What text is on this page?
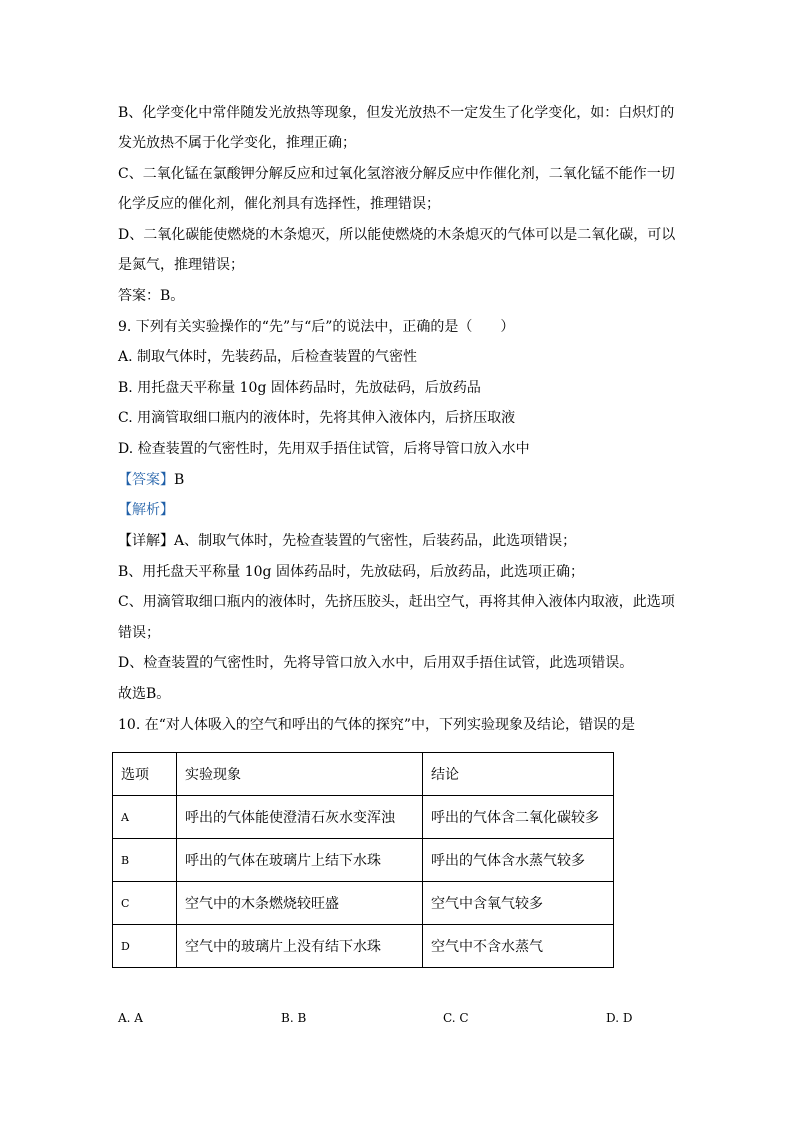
B、化学变化中常伴随发光放热等现象，但发光放热不一定发生了化学变化，如：白炽灯的
发光放热不属于化学变化，推理正确；
C、二氧化锰在氯酸钾分解反应和过氧化氢溶液分解反应中作催化剂，二氧化锰不能作一切
化学反应的催化剂，催化剂具有选择性，推理错误；
D、二氧化碳能使燃烧的木条熄灭，所以能使燃烧的木条熄灭的气体可以是二氧化碳，可以
是氮气，推理错误；
答案：B。
9. 下列有关实验操作的“先”与“后”的说法中，正确的是（　　）
A. 制取气体时，先装药品，后检查装置的气密性
B. 用托盘天平称量 10g 固体药品时，先放砝码，后放药品
C. 用滴管取细口瓶内的液体时，先将其伸入液体内，后挤压取液
D. 检查装置的气密性时，先用双手捂住试管，后将导管口放入水中
【答案】B
【解析】
【详解】A、制取气体时，先检查装置的气密性，后装药品，此选项错误；
B、用托盘天平称量 10g 固体药品时，先放砝码，后放药品，此选项正确；
C、用滴管取细口瓶内的液体时，先挤压胶头，赶出空气，再将其伸入液体内取液，此选项
错误；
D、检查装置的气密性时，先将导管口放入水中，后用双手捂住试管，此选项错误。
故选B。
10. 在“对人体吸入的空气和呼出的气体的探究”中，下列实验现象及结论，错误的是
选项	实验现象	结论
A	呼出的气体能使澄清石灰水变浑浊	呼出的气体含二氧化碳较多
B	呼出的气体在玻璃片上结下水珠	呼出的气体含水蒸气较多
C	空气中的木条燃烧较旺盛	空气中含氧气较多
D	空气中的玻璃片上没有结下水珠	空气中不含水蒸气
A. A	B. B	C. C	D. D
